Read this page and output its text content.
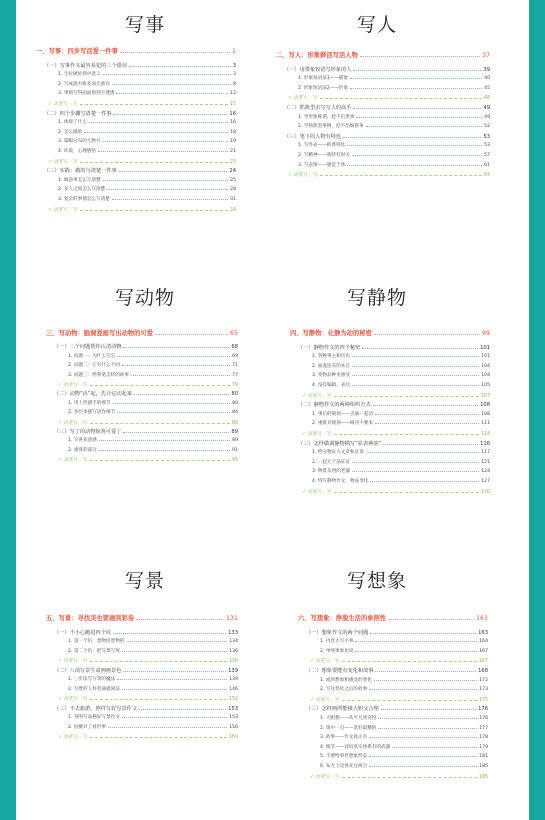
写事
一、写事：四步写活爱一件事	1
（一）写事作文最容易犯的三个错误	3
1. 生拉硬扯抓中意义	3
2. 写成流水账多而无重点	8
3. 事情写得面面俱到不透透	12
✓ 动笔写一写	15
（二）四个步骤写清楚一件事	16
1. 体现了什么	16
2. 怎么做的	18
3. 篇幅分布的人物方	19
4. 环境，心理感悟	21
✓ 动笔写一写	23
（三）实践：做的与清楚一件事	24
1. 做前事怎么写清楚	25
2. 多人之间怎么写清楚	28
3. 复杂的事情怎么写清楚	31
✓ 动笔写一写	34
写人
二、写人：形象鲜活写活人物	37
（一）用带象短语写形象的人	39
1. 形象短语法1——描象	40
2. 形象短语法2——形象	45
✓ 动笔写一写	48
（二）抓典型去写写人的高手	49
1. 学形象称谓，挖不出贵事	49
2. 学抓典型事例，挖不出细抠事	52
（三）笔下的人物有特色	53
1. 写外表——抓典特化	53
2. 写精神——就特有时关	57
3. 写表情——感觉于体	61
✓ 动笔写一写	64
写动物
三、写动物：脑洞爱画写出动物的可爱	65
（一）三个问题帮你认清动物	68
1. 问题一：为什么写它	69
2. 问题二：它有什么不同	71
3. 问题三：给我笔怎样的故事	77
✓ 动笔写一写	79
（二）动物“活”起，先让它动起来	80
1. 用上形描手的细节	80
2. 多层多描写动作细节	84
✓ 动笔写一写	88
（三）写了的动物惊喜可爱了	89
1. 写喜欢意感	89
2. 感喜的部分	91
✓ 动笔写一写	95
写静物
四、写静物：化静为动的秘密	99
（一）静物作文的四个秘密	101
1. 各种事主和历史	101
2. 面流连有的本自	104
3. 变物品种见感受	104
4. 没有编辑，表达	105
✓ 动笔写一写	107
（二）静物作文的两种组织方式	108
1. 事后的规划——点滴一起动	108
2. 重排具规划——线序不要来	111
✓ 动笔写一写	114
（三）怎样做调静物描写“显表神韵”	116
1. 给分物证入文章和证说	117
2. 一起尤于前证证	121
3. 物景东西的老器	124
4. 特写静物作文，物品变化	127
✓ 动笔写一写	130
写景
五、写景：寻找美也要画到彩卷	131
（一）不小心跑进四个坑	133
1. 第一个坑：景物同景物的	134
2. 第二个坑：把写景写死	136
✓ 动笔写一写	138
（二）八项写景生命画画景色	139
1. 三步法写写景的魔法	139
2. 写景的人样普通就简法	146
✓ 动笔写一写	152
（三）不去旅游，照样写好写景作文	153
1. 身明写品格好写景作文	153
2. 拍摄对了看世事	156
✓ 动笔写一写	160
写想象
六、写想象：挣脱生活的参照性	161
（一）想象作文的两个问题	163
1. 内容太写小事	164
2. 单纯事象比说	167
✓ 动笔写一写	167
（二）想象要能有变化和故事	168
1. 或到想象和感受的变化	172
2. 写这变化之后的故事	173
✓ 动笔写一写	175
（三）怎样画所能极大胆又合理	176
1. 大胆想——从平凡到奇特	176
2. 奥中一点——选好最精的	177
3. 故事——作文真正有	178
4. 细节——详诉真实体系有的武器	179
5. 不要给事件想象形态	181
6. 布尤上边体先往两点	185
✓ 动笔写一写	185
